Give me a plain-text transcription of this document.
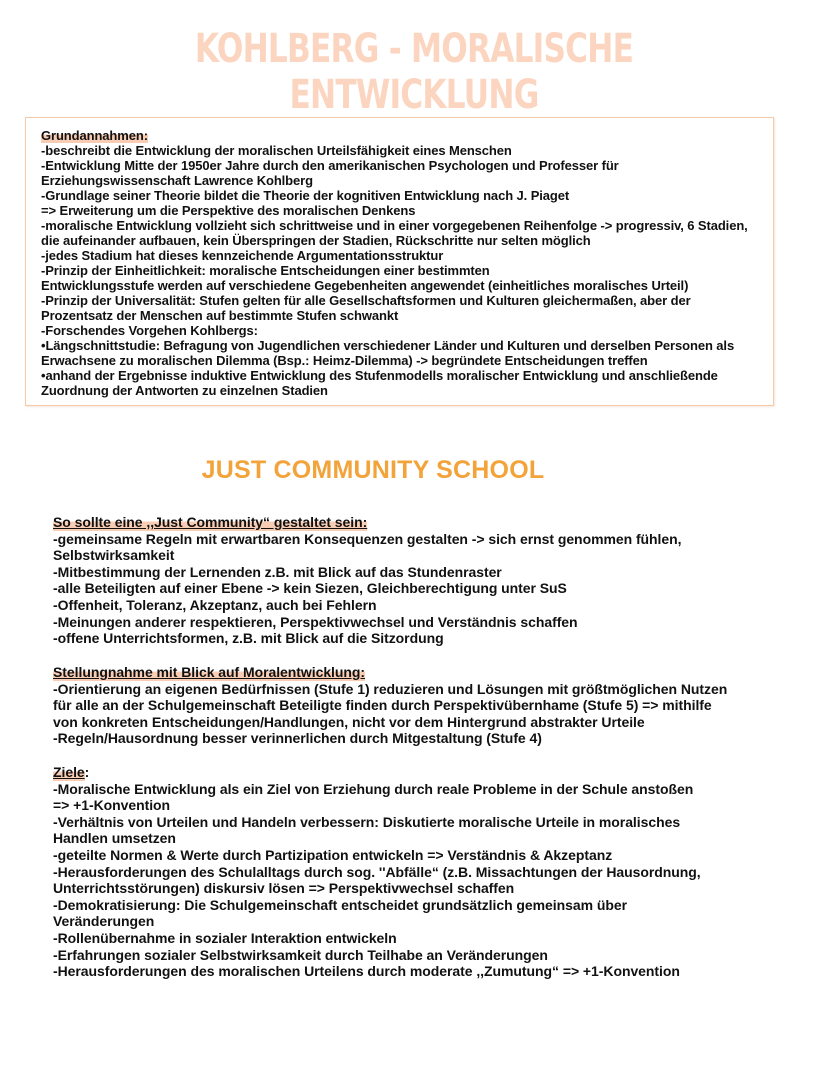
KOHLBERG - MORALISCHE ENTWICKLUNG
Grundannahmen:
-beschreibt die Entwicklung der moralischen Urteilsfähigkeit eines Menschen
-Entwicklung Mitte der 1950er Jahre durch den amerikanischen Psychologen und Professer für
Erziehungswissenschaft Lawrence Kohlberg
-Grundlage seiner Theorie bildet die Theorie der kognitiven Entwicklung nach J. Piaget
=> Erweiterung um die Perspektive des moralischen Denkens
-moralische Entwicklung vollzieht sich schrittweise und in einer vorgegebenen Reihenfolge -> progressiv, 6 Stadien,
die aufeinander aufbauen, kein Überspringen der Stadien, Rückschritte nur selten möglich
-jedes Stadium hat dieses kennzeichende Argumentationsstruktur
-Prinzip der Einheitlichkeit: moralische Entscheidungen einer bestimmten
Entwicklungsstufe werden auf verschiedene Gegebenheiten angewendet (einheitliches moralisches Urteil)
-Prinzip der Universalität: Stufen gelten für alle Gesellschaftsformen und Kulturen gleichermaßen, aber der
Prozentsatz der Menschen auf bestimmte Stufen schwankt
-Forschendes Vorgehen Kohlbergs:
•Längschnittstudie: Befragung von Jugendlichen verschiedener Länder und Kulturen und derselben Personen als
Erwachsene zu moralischen Dilemma (Bsp.: Heimz-Dilemma) -> begründete Entscheidungen treffen
•anhand der Ergebnisse induktive Entwicklung des Stufenmodells moralischer Entwicklung und anschließende
Zuordnung der Antworten zu einzelnen Stadien
JUST COMMUNITY SCHOOL
So sollte eine ,,Just Community“ gestaltet sein:
-gemeinsame Regeln mit erwartbaren Konsequenzen gestalten -> sich ernst genommen fühlen,
Selbstwirksamkeit
-Mitbestimmung der Lernenden z.B. mit Blick auf das Stundenraster
-alle Beteiligten auf einer Ebene -> kein Siezen, Gleichberechtigung unter SuS
-Offenheit, Toleranz, Akzeptanz, auch bei Fehlern
-Meinungen anderer respektieren, Perspektivwechsel und Verständnis schaffen
-offene Unterrichtsformen, z.B. mit Blick auf die Sitzordung
Stellungnahme mit Blick auf Moralentwicklung:
-Orientierung an eigenen Bedürfnissen (Stufe 1) reduzieren und Lösungen mit größtmöglichen Nutzen
für alle an der Schulgemeinschaft Beteiligte finden durch Perspektivübernhame (Stufe 5) => mithilfe
von konkreten Entscheidungen/Handlungen, nicht vor dem Hintergrund abstrakter Urteile
-Regeln/Hausordnung besser verinnerlichen durch Mitgestaltung (Stufe 4)
Ziele:
-Moralische Entwicklung als ein Ziel von Erziehung durch reale Probleme in der Schule anstoßen
=> +1-Konvention
-Verhältnis von Urteilen und Handeln verbessern: Diskutierte moralische Urteile in moralisches
Handlen umsetzen
-geteilte Normen & Werte durch Partizipation entwickeln => Verständnis & Akzeptanz
-Herausforderungen des Schulalltags durch sog. ''Abfälle“ (z.B. Missachtungen der Hausordnung,
Unterrichtsstörungen) diskursiv lösen => Perspektivwechsel schaffen
-Demokratisierung: Die Schulgemeinschaft entscheidet grundsätzlich gemeinsam über
Veränderungen
-Rollenübernahme in sozialer Interaktion entwickeln
-Erfahrungen sozialer Selbstwirksamkeit durch Teilhabe an Veränderungen
-Herausforderungen des moralischen Urteilens durch moderate ,,Zumutung“ => +1-Konvention
